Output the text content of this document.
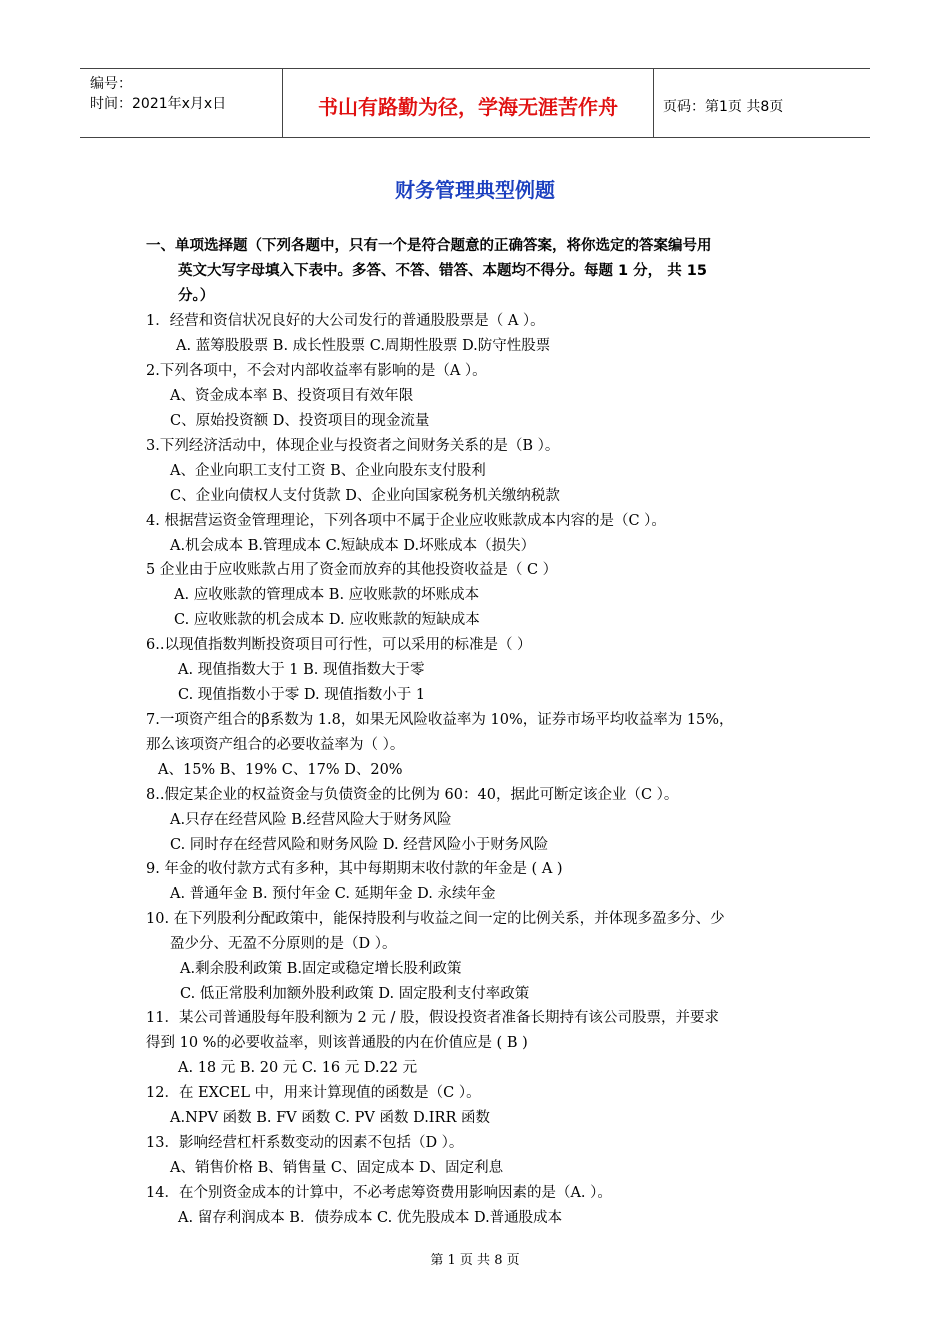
编号：
时间：2021年x月x日	书山有路勤为径，学海无涯苦作舟	页码：第1页 共8页
财务管理典型例题
一、单项选择题（下列各题中，只有一个是符合题意的正确答案，将你选定的答案编号用
英文大写字母填入下表中。多答、不答、错答、本题均不得分。每题 1 分， 共 15
分。）
1．经营和资信状况良好的大公司发行的普通股股票是（ A ）。
A. 蓝筹股股票 B. 成长性股票 C.周期性股票 D.防守性股票
2.下列各项中，不会对内部收益率有影响的是（A ）。
A、资金成本率 B、投资项目有效年限
C、原始投资额 D、投资项目的现金流量
3.下列经济活动中，体现企业与投资者之间财务关系的是（B ）。
A、企业向职工支付工资 B、企业向股东支付股利
C、企业向债权人支付货款 D、企业向国家税务机关缴纳税款
4. 根据营运资金管理理论，下列各项中不属于企业应收账款成本内容的是（C ）。
A.机会成本 B.管理成本 C.短缺成本 D.坏账成本（损失）
5 企业由于应收账款占用了资金而放弃的其他投资收益是（ C ）
A. 应收账款的管理成本 B. 应收账款的坏账成本
C. 应收账款的机会成本 D. 应收账款的短缺成本
6..以现值指数判断投资项目可行性，可以采用的标准是（ ）
A. 现值指数大于 1 B. 现值指数大于零
C. 现值指数小于零 D. 现值指数小于 1
7.一项资产组合的β系数为 1.8，如果无风险收益率为 10%，证券市场平均收益率为 15%，
那么该项资产组合的必要收益率为（ ）。
A、15% B、19% C、17% D、20%
8..假定某企业的权益资金与负债资金的比例为 60：40，据此可断定该企业（C ）。
A.只存在经营风险 B.经营风险大于财务风险
C. 同时存在经营风险和财务风险 D. 经营风险小于财务风险
9. 年金的收付款方式有多种，其中每期期末收付款的年金是 ( A )
A. 普通年金 B. 预付年金 C. 延期年金 D. 永续年金
10. 在下列股利分配政策中，能保持股利与收益之间一定的比例关系，并体现多盈多分、少
盈少分、无盈不分原则的是（D ）。
A.剩余股利政策 B.固定或稳定增长股利政策
C. 低正常股利加额外股利政策 D. 固定股利支付率政策
11．某公司普通股每年股利额为 2 元 / 股，假设投资者准备长期持有该公司股票，并要求
得到 10 %的必要收益率，则该普通股的内在价值应是 ( B )
A. 18 元 B. 20 元 C. 16 元 D.22 元
12．在 EXCEL 中，用来计算现值的函数是（C ）。
A.NPV 函数 B. FV 函数 C. PV 函数 D.IRR 函数
13．影响经营杠杆系数变动的因素不包括（D ）。
A、销售价格 B、销售量 C、固定成本 D、固定利息
14．在个别资金成本的计算中，不必考虑筹资费用影响因素的是（A. ）。
A. 留存利润成本 B．债券成本 C. 优先股成本 D.普通股成本
第 1 页 共 8 页
